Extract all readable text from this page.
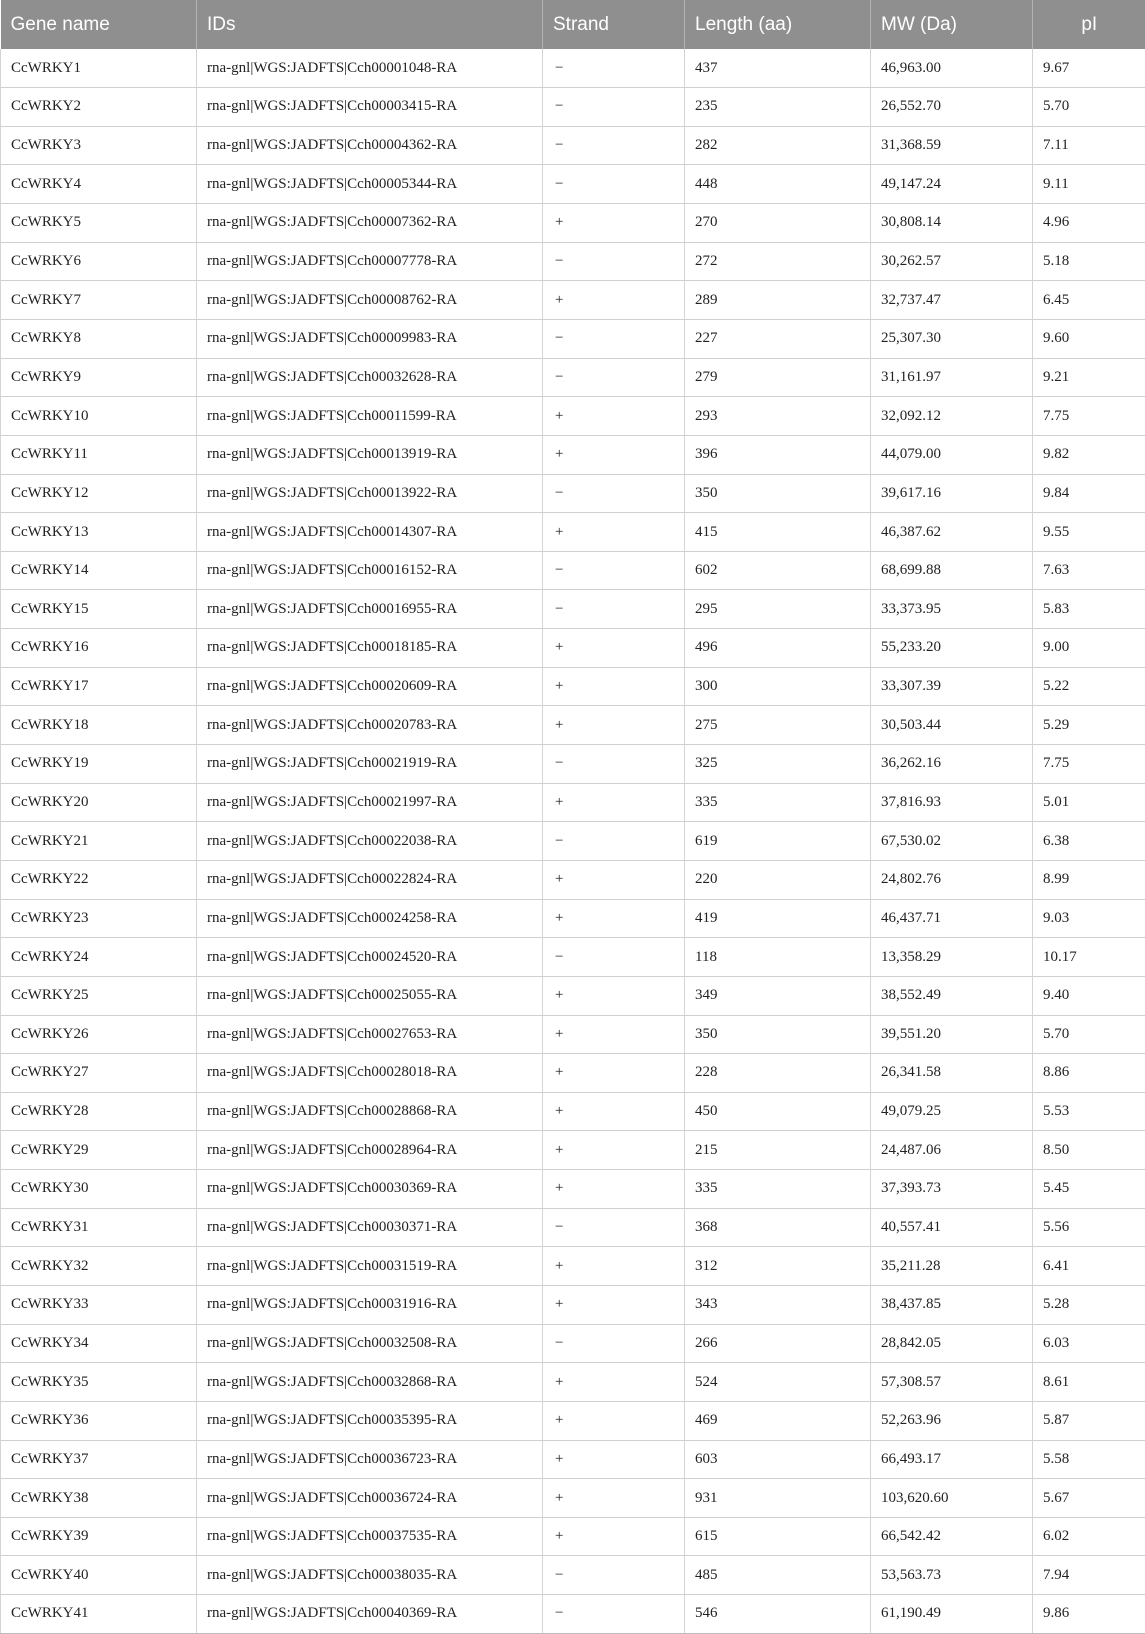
Gene name	IDs	Strand	Length (aa)	MW (Da)	pI
CcWRKY1	rna-gnl|WGS:JADFTS|Cch00001048-RA	−	437	46,963.00	9.67
CcWRKY2	rna-gnl|WGS:JADFTS|Cch00003415-RA	−	235	26,552.70	5.70
CcWRKY3	rna-gnl|WGS:JADFTS|Cch00004362-RA	−	282	31,368.59	7.11
CcWRKY4	rna-gnl|WGS:JADFTS|Cch00005344-RA	−	448	49,147.24	9.11
CcWRKY5	rna-gnl|WGS:JADFTS|Cch00007362-RA	+	270	30,808.14	4.96
CcWRKY6	rna-gnl|WGS:JADFTS|Cch00007778-RA	−	272	30,262.57	5.18
CcWRKY7	rna-gnl|WGS:JADFTS|Cch00008762-RA	+	289	32,737.47	6.45
CcWRKY8	rna-gnl|WGS:JADFTS|Cch00009983-RA	−	227	25,307.30	9.60
CcWRKY9	rna-gnl|WGS:JADFTS|Cch00032628-RA	−	279	31,161.97	9.21
CcWRKY10	rna-gnl|WGS:JADFTS|Cch00011599-RA	+	293	32,092.12	7.75
CcWRKY11	rna-gnl|WGS:JADFTS|Cch00013919-RA	+	396	44,079.00	9.82
CcWRKY12	rna-gnl|WGS:JADFTS|Cch00013922-RA	−	350	39,617.16	9.84
CcWRKY13	rna-gnl|WGS:JADFTS|Cch00014307-RA	+	415	46,387.62	9.55
CcWRKY14	rna-gnl|WGS:JADFTS|Cch00016152-RA	−	602	68,699.88	7.63
CcWRKY15	rna-gnl|WGS:JADFTS|Cch00016955-RA	−	295	33,373.95	5.83
CcWRKY16	rna-gnl|WGS:JADFTS|Cch00018185-RA	+	496	55,233.20	9.00
CcWRKY17	rna-gnl|WGS:JADFTS|Cch00020609-RA	+	300	33,307.39	5.22
CcWRKY18	rna-gnl|WGS:JADFTS|Cch00020783-RA	+	275	30,503.44	5.29
CcWRKY19	rna-gnl|WGS:JADFTS|Cch00021919-RA	−	325	36,262.16	7.75
CcWRKY20	rna-gnl|WGS:JADFTS|Cch00021997-RA	+	335	37,816.93	5.01
CcWRKY21	rna-gnl|WGS:JADFTS|Cch00022038-RA	−	619	67,530.02	6.38
CcWRKY22	rna-gnl|WGS:JADFTS|Cch00022824-RA	+	220	24,802.76	8.99
CcWRKY23	rna-gnl|WGS:JADFTS|Cch00024258-RA	+	419	46,437.71	9.03
CcWRKY24	rna-gnl|WGS:JADFTS|Cch00024520-RA	−	118	13,358.29	10.17
CcWRKY25	rna-gnl|WGS:JADFTS|Cch00025055-RA	+	349	38,552.49	9.40
CcWRKY26	rna-gnl|WGS:JADFTS|Cch00027653-RA	+	350	39,551.20	5.70
CcWRKY27	rna-gnl|WGS:JADFTS|Cch00028018-RA	+	228	26,341.58	8.86
CcWRKY28	rna-gnl|WGS:JADFTS|Cch00028868-RA	+	450	49,079.25	5.53
CcWRKY29	rna-gnl|WGS:JADFTS|Cch00028964-RA	+	215	24,487.06	8.50
CcWRKY30	rna-gnl|WGS:JADFTS|Cch00030369-RA	+	335	37,393.73	5.45
CcWRKY31	rna-gnl|WGS:JADFTS|Cch00030371-RA	−	368	40,557.41	5.56
CcWRKY32	rna-gnl|WGS:JADFTS|Cch00031519-RA	+	312	35,211.28	6.41
CcWRKY33	rna-gnl|WGS:JADFTS|Cch00031916-RA	+	343	38,437.85	5.28
CcWRKY34	rna-gnl|WGS:JADFTS|Cch00032508-RA	−	266	28,842.05	6.03
CcWRKY35	rna-gnl|WGS:JADFTS|Cch00032868-RA	+	524	57,308.57	8.61
CcWRKY36	rna-gnl|WGS:JADFTS|Cch00035395-RA	+	469	52,263.96	5.87
CcWRKY37	rna-gnl|WGS:JADFTS|Cch00036723-RA	+	603	66,493.17	5.58
CcWRKY38	rna-gnl|WGS:JADFTS|Cch00036724-RA	+	931	103,620.60	5.67
CcWRKY39	rna-gnl|WGS:JADFTS|Cch00037535-RA	+	615	66,542.42	6.02
CcWRKY40	rna-gnl|WGS:JADFTS|Cch00038035-RA	−	485	53,563.73	7.94
CcWRKY41	rna-gnl|WGS:JADFTS|Cch00040369-RA	−	546	61,190.49	9.86
